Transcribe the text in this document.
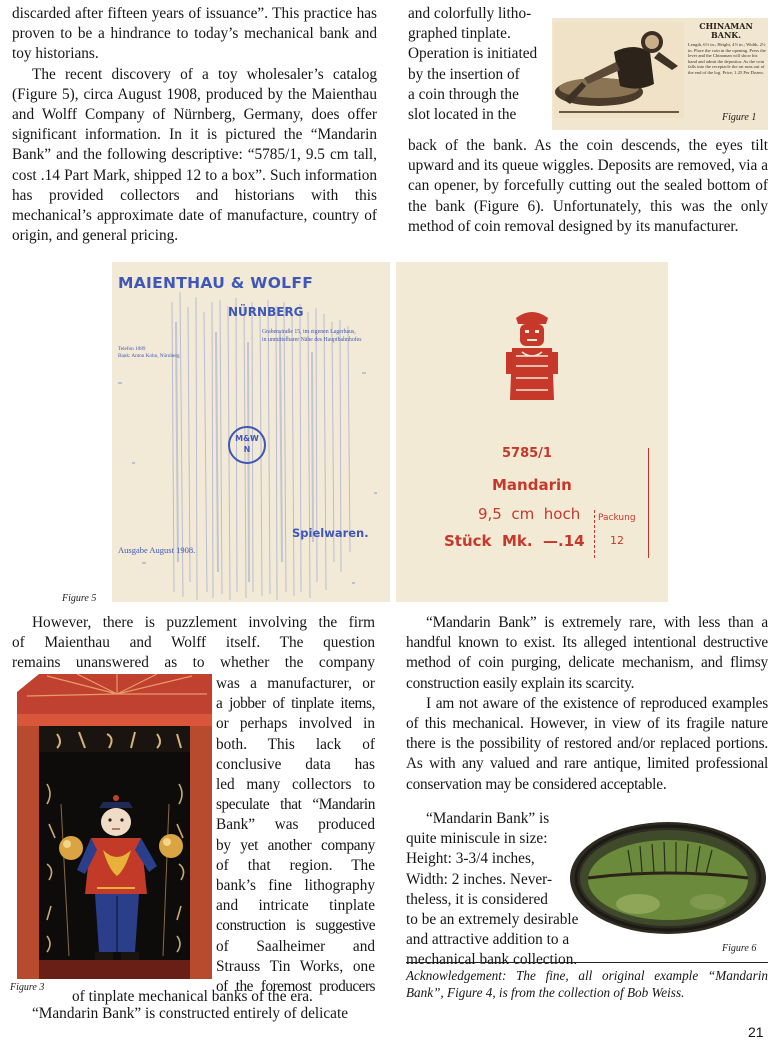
discarded after fifteen years of issuance”. This practice has proven to be a hindrance to today’s mechanical bank and toy historians.

The recent discovery of a toy wholesaler’s catalog (Figure 5), circa August 1908, produced by the Maienthau and Wolff Company of Nürnberg, Germany, does offer significant information. In it is pictured the “Mandarin Bank” and the following descriptive: “5785/1, 9.5 cm tall, cost .14 Part Mark, shipped 12 to a box”. Such information has provided collectors and historians with this mechanical’s approximate date of manufacture, country of origin, and general pricing.

and colorfully litho-
graphed tinplate.
Operation is initiated
by the insertion of
a coin through the
slot located in the

back of the bank. As the coin descends, the eyes tilt upward and its queue wiggles. Deposits are removed, via a can opener, by forcefully cutting out the sealed bottom of the bank (Figure 6). Unfortunately, this was the only method of coin removal designed by its manufacturer.

CHINAMAN
BANK.
Length, 6½ in.; Height, 4½ in.; Width, 2½ in. Place the coin in the opening. Press the lever and the Chinaman will show his hand and admit the depositor. As the coin falls into the receptacle the rat runs out of the end of the log. Price, 1.25 Per Dozen.
Figure 1
MAIENTHAU & WOLFF
NÜRNBERG
Grabenstraße 15, im eigenen Lagerhaus,
in unmittelbarer Nähe des Hauptbahnhofes
Telefon 1089
Bank: Anton Kohn, Nürnberg
M&W
N
Spielwaren.
Ausgabe August 1908.
Figure 5
5785/1
Mandarin
9,5  cm  hoch
Stück  Mk.  —.14
Packung
12
However, there is puzzlement involving the firm
of Maienthau and Wolff itself. The question
remains unanswered as to whether the company
Figure 3
was a manufacturer, or
a jobber of tinplate items,
or perhaps involved in
both. This lack of
conclusive data has
led many collectors to
speculate that “Mandarin
Bank” was produced
by yet another company
of that region. The
bank’s fine lithography
and intricate tinplate
construction is suggestive
of Saalheimer and
Strauss Tin Works, one
of the foremost producers
of tinplate mechanical banks of the era.
“Mandarin Bank” is constructed entirely of delicate

“Mandarin Bank” is extremely rare, with less than a handful known to exist. Its alleged intentional destructive method of coin purging, delicate mechanism, and flimsy construction easily explain its scarcity.

I am not aware of the existence of reproduced examples of this mechanical. However, in view of its fragile nature there is the possibility of restored and/or replaced portions. As with any valued and rare antique, limited professional conservation may be considered acceptable.

“Mandarin Bank” is
quite miniscule in size:
Height: 3-3/4 inches,
Width: 2 inches. Never-
theless, it is considered
to be an extremely desirable
and attractive addition to a
mechanical bank collection.
Figure 6
Acknowledgement: The fine, all original example “Mandarin Bank”, Figure 4, is from the collection of Bob Weiss.
21
